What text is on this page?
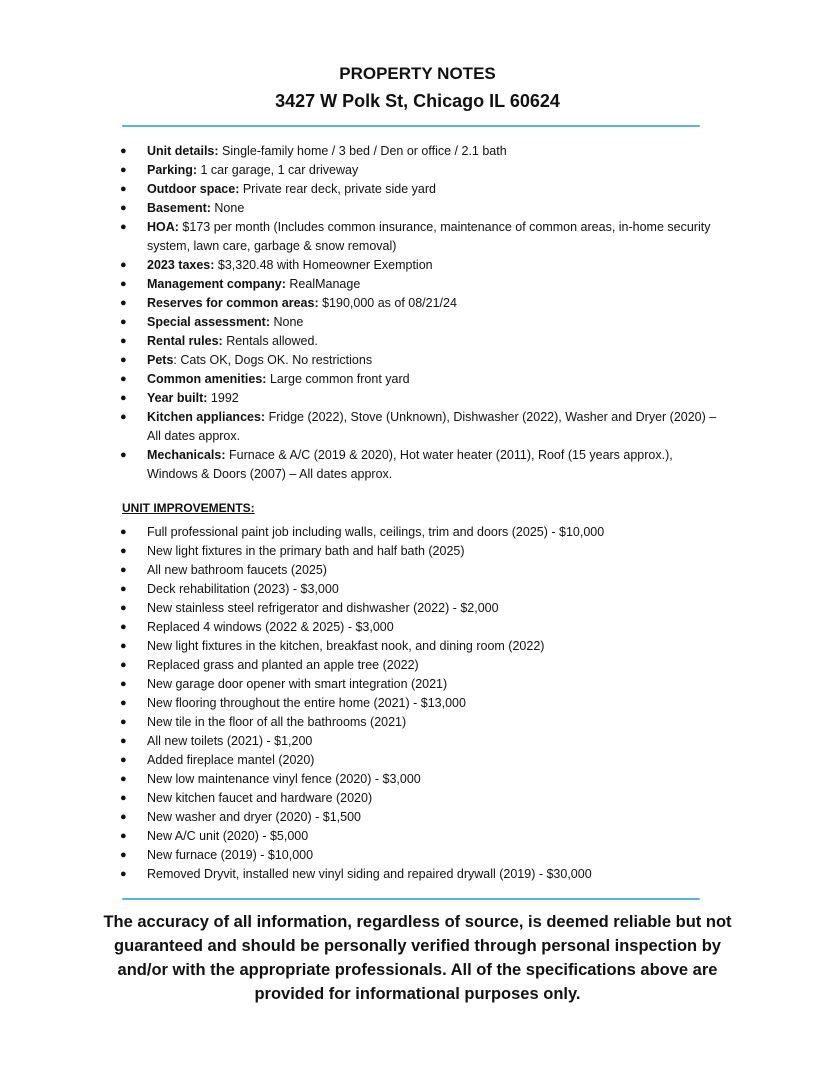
PROPERTY NOTES
3427 W Polk St, Chicago IL 60624
● Unit details: Single-family home / 3 bed / Den or office / 2.1 bath
● Parking: 1 car garage, 1 car driveway
● Outdoor space: Private rear deck, private side yard
● Basement: None
● HOA: $173 per month (Includes common insurance, maintenance of common areas, in-home security system, lawn care, garbage & snow removal)
● 2023 taxes: $3,320.48 with Homeowner Exemption
● Management company: RealManage
● Reserves for common areas: $190,000 as of 08/21/24
● Special assessment: None
● Rental rules: Rentals allowed.
● Pets: Cats OK, Dogs OK. No restrictions
● Common amenities: Large common front yard
● Year built: 1992
● Kitchen appliances: Fridge (2022), Stove (Unknown), Dishwasher (2022), Washer and Dryer (2020) – All dates approx.
● Mechanicals: Furnace & A/C (2019 & 2020), Hot water heater (2011), Roof (15 years approx.), Windows & Doors (2007) – All dates approx.
UNIT IMPROVEMENTS:
● Full professional paint job including walls, ceilings, trim and doors (2025) - $10,000
● New light fixtures in the primary bath and half bath (2025)
● All new bathroom faucets (2025)
● Deck rehabilitation (2023) - $3,000
● New stainless steel refrigerator and dishwasher (2022) - $2,000
● Replaced 4 windows (2022 & 2025) - $3,000
● New light fixtures in the kitchen, breakfast nook, and dining room (2022)
● Replaced grass and planted an apple tree (2022)
● New garage door opener with smart integration (2021)
● New flooring throughout the entire home (2021) - $13,000
● New tile in the floor of all the bathrooms (2021)
● All new toilets (2021) - $1,200
● Added fireplace mantel (2020)
● New low maintenance vinyl fence (2020) - $3,000
● New kitchen faucet and hardware (2020)
● New washer and dryer (2020) - $1,500
● New A/C unit (2020) - $5,000
● New furnace (2019) - $10,000
● Removed Dryvit, installed new vinyl siding and repaired drywall (2019) - $30,000

The accuracy of all information, regardless of source, is deemed reliable but not guaranteed and should be personally verified through personal inspection by and/or with the appropriate professionals. All of the specifications above are provided for informational purposes only.
